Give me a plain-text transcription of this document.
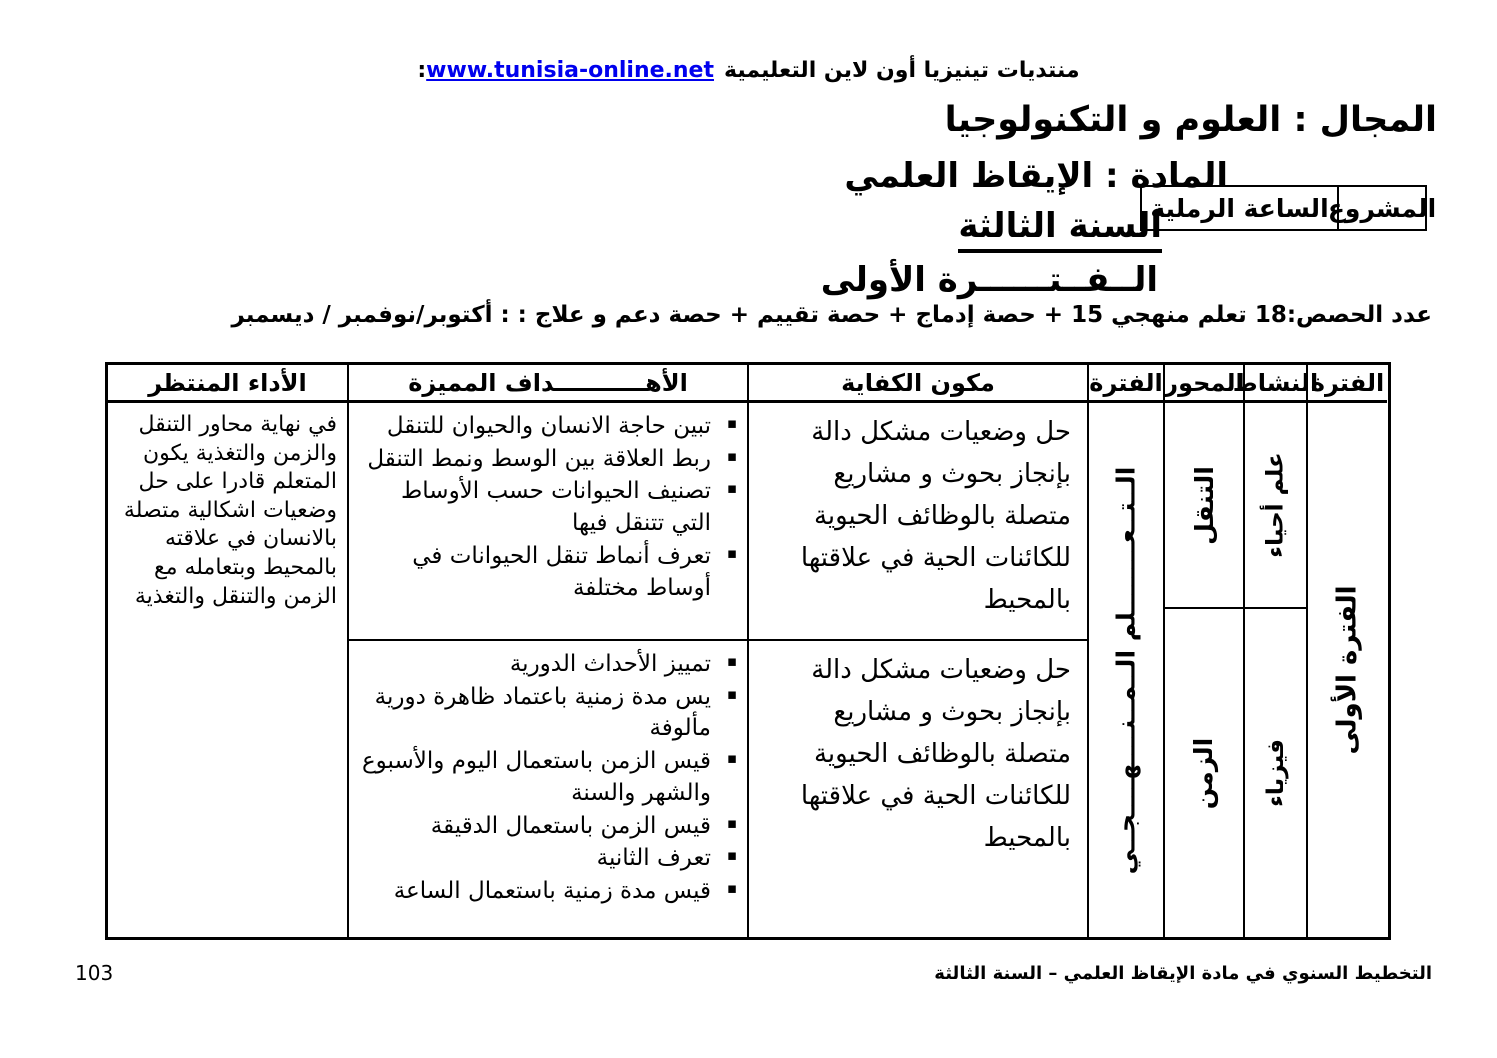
:www.tunisia-online.net منتديات تينيزيا أون لاين التعليمية
المجال : العلوم و التكنولوجيا
المادة : الإيقاظ العلمي
السنة الثالثة
الــفــتــــــرة الأولى
المشروع
الساعة الرملية
عدد الحصص:18 تعلم منهجي 15 + حصة إدماج + حصة تقييم + حصة دعم و علاج : : أكتوبر/نوفمبر / ديسمبر
الأداء المنتظر

في نهاية محاور التنقل والزمن والتغذية يكون المتعلم قادرا على حل وضعيات اشكالية متصلة بالانسان في علاقته بالمحيط وبتعامله مع الزمن والتنقل والتغذية

الأهـــــــــــداف المميزة
▪ تبين حاجة الانسان والحيوان للتنقل
▪ ربط العلاقة بين الوسط ونمط التنقل
▪ تصنيف الحيوانات حسب الأوساط التي تتنقل فيها
▪ تعرف أنماط تنقل الحيوانات في أوساط مختلفة
▪ تمييز الأحداث الدورية
▪ يس مدة زمنية باعتماد ظاهرة دورية مألوفة
▪ قيس الزمن باستعمال اليوم والأسبوع والشهر والسنة
▪ قيس الزمن باستعمال الدقيقة
▪ تعرف الثانية
▪ قيس مدة زمنية باستعمال الساعة
مكون الكفاية

حل وضعيات مشكل دالة بإنجاز بحوث و مشاريع متصلة بالوظائف الحيوية للكائنات الحية في علاقتها بالمحيط

حل وضعيات مشكل دالة بإنجاز بحوث و مشاريع متصلة بالوظائف الحيوية للكائنات الحية في علاقتها بالمحيط

الفترة
الــتــعــــــــلم الــمــنــــهــــجــي
المحور
التنقل
الزمن
النشاط
علم أحياء
فيزياء
الفترة
الفترة الأولى
التخطيط السنوي في مادة الإيقاظ العلمي – السنة الثالثة
103
